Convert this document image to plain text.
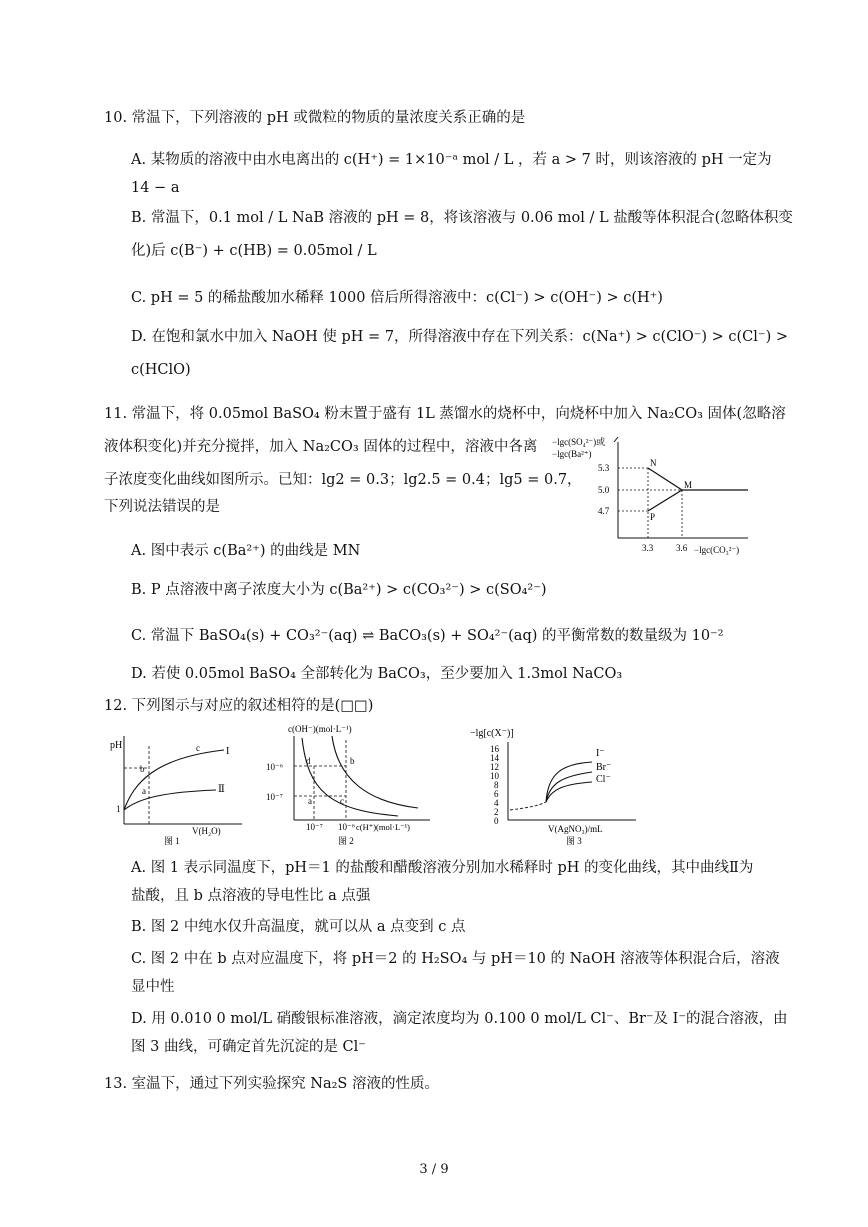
10. 常温下，下列溶液的 pH 或微粒的物质的量浓度关系正确的是
A. 某物质的溶液中由水电离出的 c(H⁺) = 1×10⁻ᵃ mol / L ，若 a > 7 时，则该溶液的 pH 一定为
14 − a
B. 常温下，0.1 mol / L NaB 溶液的 pH = 8，将该溶液与 0.06 mol / L 盐酸等体积混合(忽略体积变
化)后 c(B⁻) + c(HB) = 0.05mol / L
C. pH = 5 的稀盐酸加水稀释 1000 倍后所得溶液中：c(Cl⁻) > c(OH⁻) > c(H⁺)
D. 在饱和氯水中加入 NaOH 使 pH = 7，所得溶液中存在下列关系：c(Na⁺) > c(ClO⁻) > c(Cl⁻) >
c(HClO)
11. 常温下，将 0.05mol BaSO₄ 粉末置于盛有 1L 蒸馏水的烧杯中，向烧杯中加入 Na₂CO₃ 固体(忽略溶
液体积变化)并充分搅拌，加入 Na₂CO₃ 固体的过程中，溶液中各离
子浓度变化曲线如图所示。已知：lg2 = 0.3；lg2.5 = 0.4；lg5 = 0.7，
下列说法错误的是
−lgc(SO₄²⁻)或
−lgc(Ba²⁺)
5.3
5.0
4.7
N
M
P
3.3	3.6 −lgc(CO₃²⁻)
A. 图中表示 c(Ba²⁺) 的曲线是 MN
B. P 点溶液中离子浓度大小为 c(Ba²⁺) > c(CO₃²⁻) > c(SO₄²⁻)
C. 常温下 BaSO₄(s) + CO₃²⁻(aq) ⇌ BaCO₃(s) + SO₄²⁻(aq) 的平衡常数的数量级为 10⁻²
D. 若使 0.05mol BaSO₄ 全部转化为 BaCO₃，至少要加入 1.3mol NaCO₃
12. 下列图示与对应的叙述相符的是(□□)
pH
1
b
a
c	I
Ⅱ
V(H₂O)
图 1
c(OH⁻)(mol·L⁻¹)
10⁻⁶
10⁻⁷
d	b
a	c
10⁻⁷ 10⁻⁶ c(H⁺)(mol·L⁻¹)
图 2
−lg[c(X⁻)]
16
14
12
10
8
6
4
2
0
I⁻
Br⁻
Cl⁻
V(AgNO₃)/mL
图 3
A. 图 1 表示同温度下，pH＝1 的盐酸和醋酸溶液分别加水稀释时 pH 的变化曲线，其中曲线Ⅱ为
盐酸，且 b 点溶液的导电性比 a 点强
B. 图 2 中纯水仅升高温度，就可以从 a 点变到 c 点
C. 图 2 中在 b 点对应温度下，将 pH＝2 的 H₂SO₄ 与 pH＝10 的 NaOH 溶液等体积混合后，溶液
显中性
D. 用 0.010 0 mol/L 硝酸银标准溶液，滴定浓度均为 0.100 0 mol/L Cl⁻、Br⁻及 I⁻的混合溶液，由
图 3 曲线，可确定首先沉淀的是 Cl⁻
13. 室温下，通过下列实验探究 Na₂S 溶液的性质。
3 / 9
